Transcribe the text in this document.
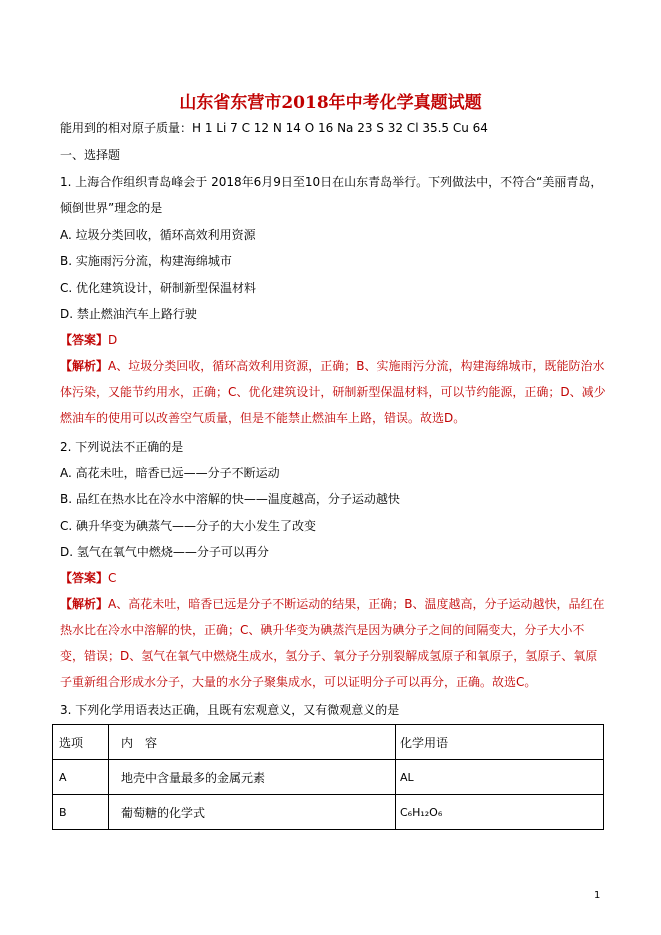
山东省东营市2018年中考化学真题试题
能用到的相对原子质量：H 1 Li 7 C 12 N 14 O 16 Na 23 S 32 Cl 35.5 Cu 64
一、选择题
1. 上海合作组织青岛峰会于 2018年6月9日至10日在山东青岛举行。下列做法中，不符合“美丽青岛，
倾倒世界”理念的是
A. 垃圾分类回收，循环高效利用资源
B. 实施雨污分流，构建海绵城市
C. 优化建筑设计，研制新型保温材料
D. 禁止燃油汽车上路行驶
【答案】D
【解析】A、垃圾分类回收，循环高效利用资源，正确；B、实施雨污分流，构建海绵城市，既能防治水体污染，又能节约用水，正确；C、优化建筑设计，研制新型保温材料，可以节约能源，正确；D、减少燃油车的使用可以改善空气质量，但是不能禁止燃油车上路，错误。故选D。
2. 下列说法不正确的是
A. 高花未吐，暗香已远——分子不断运动
B. 品红在热水比在冷水中溶解的快——温度越高，分子运动越快
C. 碘升华变为碘蒸气——分子的大小发生了改变
D. 氢气在氧气中燃烧——分子可以再分
【答案】C
【解析】A、高花未吐，暗香已远是分子不断运动的结果，正确；B、温度越高，分子运动越快，品红在热水比在冷水中溶解的快，正确；C、碘升华变为碘蒸汽是因为碘分子之间的间隔变大，分子大小不变，错误；D、氢气在氧气中燃烧生成水，氢分子、氧分子分别裂解成氢原子和氧原子，氢原子、氧原子重新组合形成水分子，大量的水分子聚集成水，可以证明分子可以再分，正确。故选C。
3. 下列化学用语表达正确，且既有宏观意义，又有微观意义的是
选项	内　容	化学用语
A	地壳中含量最多的金属元素	AL
B	葡萄糖的化学式	C₆H₁₂O₆
1
